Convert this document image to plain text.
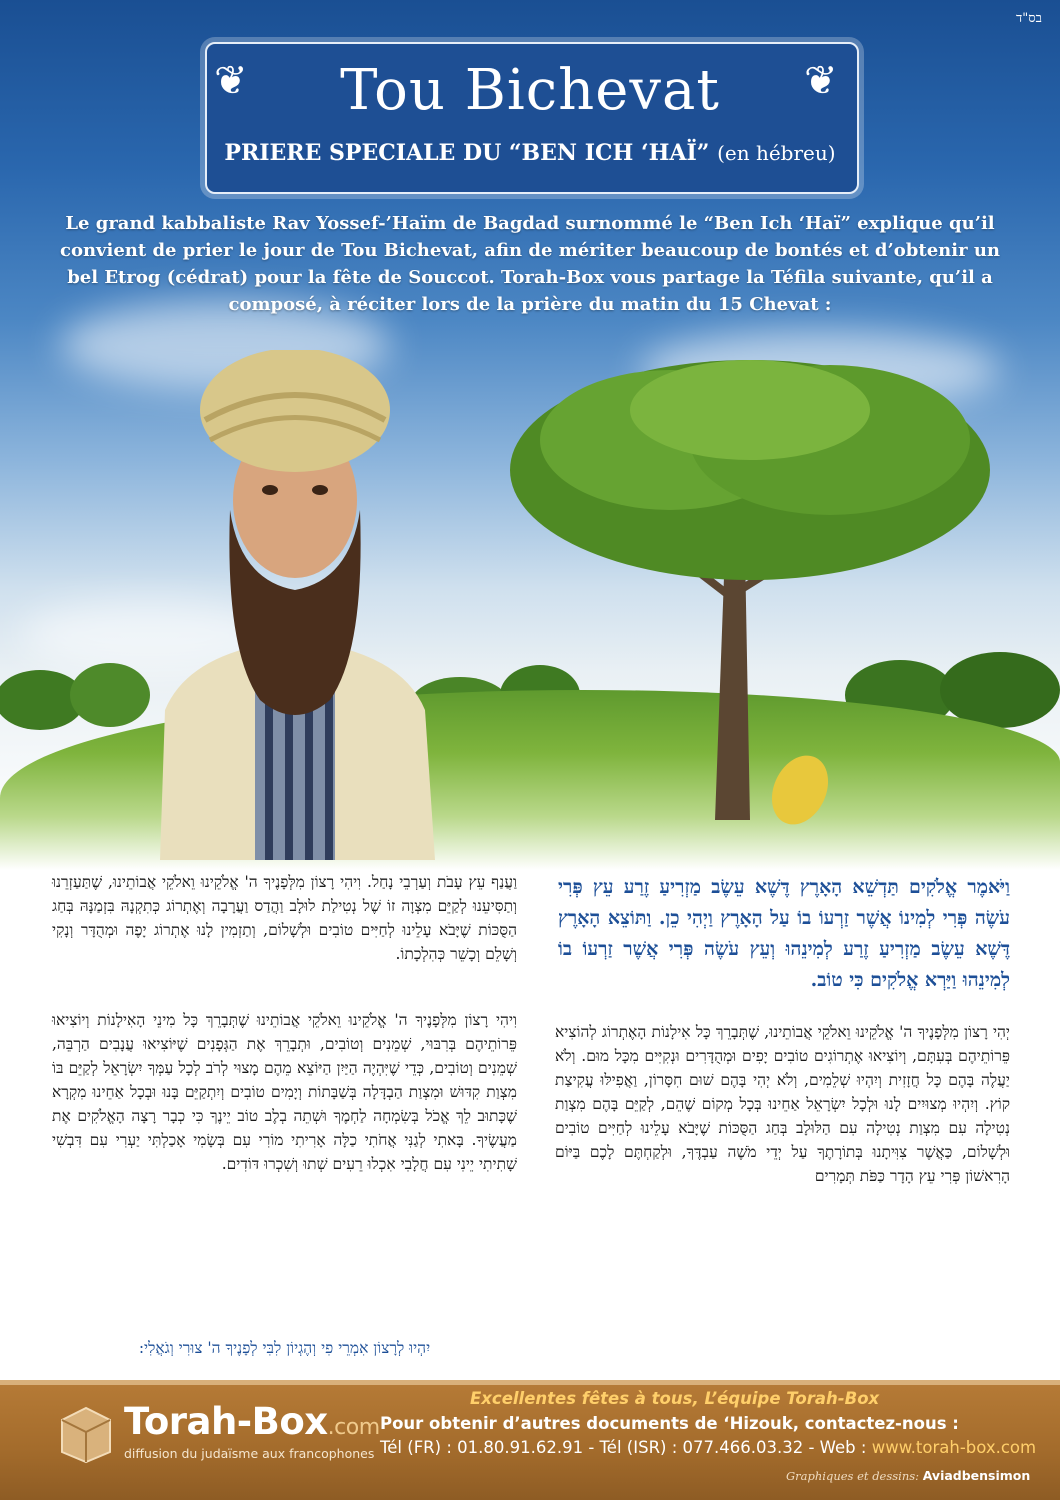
בס"ד
❦	❦
Tou Bichevat
PRIERE SPECIALE DU “BEN ICH ‘HAÏ” (en hébreu)
Le grand kabbaliste Rav Yossef-’Haïm de Bagdad surnommé le “Ben Ich ‘Haï” explique qu’il convient de prier le jour de Tou Bichevat, afin de mériter beaucoup de bontés et d’obtenir un bel Etrog (cédrat) pour la fête de Souccot. Torah-Box vous partage la Téfila suivante, qu’il a composé, à réciter lors de la prière du matin du 15 Chevat :
וַיֹּאמֶר אֱלֹקִים תַּדְשֵׁא הָאָרֶץ דֶּשֶׁא עֵשֶׂב מַזְרִיעַ זֶרַע עֵץ פְּרִי עֹשֶׂה פְּרִי לְמִינוֹ אֲשֶׁר זַרְעוֹ בוֹ עַל הָאָרֶץ וַיְהִי כֵן. וַתּוֹצֵא הָאָרֶץ דֶּשֶׁא עֵשֶׂב מַזְרִיעַ זֶרַע לְמִינֵהוּ וְעֵץ עֹשֶׂה פְּרִי אֲשֶׁר זַרְעוֹ בוֹ לְמִינֵהוּ וַיַּרְא אֱלֹקִים כִּי טוֹב.
יְהִי רָצוֹן מִלְּפָנֶיךָ ה' אֱלֹקֵינוּ וֵאלֹקֵי אֲבוֹתֵינוּ, שֶׁתְּבָרֵךְ כָּל אִילָנוֹת הָאֶתְרוֹג לְהוֹצִיא פֵּרוֹתֵיהֶם בְּעִתָּם, וְיוֹצִיאוּ אֶתְרוֹגִים טוֹבִים יָפִים וּמְהֻדָּרִים וּנְקִיִּים מִכָּל מוּם. וְלֹא יַעֲלֶה בָּהֶם כָּל חֲזָזִית וְיִהְיוּ שְׁלֵמִים, וְלֹא יְהִי בָּהֶם שׁוּם חִסָּרוֹן, וַאֲפִילּוּ עֲקִיצַת קוֹץ. וְיִהְיוּ מְצוּיִים לָנוּ וּלְכָל יִשְׂרָאֵל אַחֵינוּ בְּכָל מְקוֹם שֶׁהֵם, לְקַיֵּם בָּהֶם מִצְוַת נְטִילָה עִם מִצְוַת נְטִילָה עִם הַלּוּלָב בְּחַג הַסֻּכּוֹת שֶׁיָּבֹא עָלֵינוּ לְחַיִּים טוֹבִים וּלְשָׁלוֹם, כַּאֲשֶׁר צִוִּיתָנוּ בְּתוֹרָתֶךָ עַל יְדֵי מֹשֶׁה עַבְדֶּךָ, וּלְקַחְתֶּם לָכֶם בַּיּוֹם הָרִאשׁוֹן פְּרִי עֵץ הָדָר כַּפֹּת תְּמָרִים
וַעֲנַף עֵץ עָבֹת וְעַרְבֵי נָחַל. וִיהִי רָצוֹן מִלְּפָנֶיךָ ה' אֱלֹקֵינוּ וֵאלֹקֵי אֲבוֹתֵינוּ, שֶׁתַּעַזְרֵנוּ וְתַסִּיעֵנוּ לְקַיֵּם מִצְוָה זוֹ שֶׁל נְטִילַת לוּלָב וַהֲדַס וַעֲרָבָה וְאֶתְרוֹג כְּתִקְנָהּ בִּזְמַנָּהּ בְּחַג הַסֻּכּוֹת שֶׁיָּבֹא עָלֵינוּ לְחַיִּים טוֹבִים וּלְשָׁלוֹם, וְתַזְמִין לָנוּ אֶתְרוֹג יָפֶה וּמְהֻדָּר וְנָקִי וְשָׁלֵם וְכָשֵׁר כְּהִלְכָתוֹ.
וִיהִי רָצוֹן מִלְּפָנֶיךָ ה' אֱלֹקֵינוּ וֵאלֹקֵי אֲבוֹתֵינוּ שֶׁתְּבָרֵךְ כָּל מִינֵי הָאִילָנוֹת וְיוֹצִיאוּ פֵּרוֹתֵיהֶם בְּרִבּוּי, שְׁמֵנִים וְטוֹבִים, וּתְבָרֵךְ אֶת הַגְּפָנִים שֶׁיּוֹצִיאוּ עֲנָבִים הַרְבֵּה, שְׁמֵנִים וְטוֹבִים, כְּדֵי שֶׁיִּהְיֶה הַיַּיִן הַיּוֹצֵא מֵהֶם מָצוּי לְרֹב לְכָל עַמְּךָ יִשְׂרָאֵל לְקַיֵּם בּוֹ מִצְוַת קִדּוּשׁ וּמִצְוַת הַבְדָּלָה בְּשַׁבָּתוֹת וְיָמִים טוֹבִים וְיִתְקַיֵּם בָּנוּ וּבְכָל אַחֵינוּ מִקְרָא שֶׁכָּתוּב לֵךְ אֱכֹל בְּשִׂמְחָה לַחְמֶךָ וּשְׁתֵה בְלֶב טוֹב יֵינֶךָ כִּי כְבָר רָצָה הָאֱלֹקִים אֶת מַעֲשֶׂיךָ. בָּאתִי לְגַנִּי אֲחֹתִי כַלָּה אָרִיתִי מוֹרִי עִם בְּשָׂמִי אָכַלְתִּי יַעְרִי עִם דִּבְשִׁי שָׁתִיתִי יֵינִי עִם חֲלָבִי אִכְלוּ רֵעִים שְׁתוּ וְשִׁכְרוּ דּוֹדִים.
יִהְיוּ לְרָצוֹן אִמְרֵי פִי וְהֶגְיוֹן לִבִּי לְפָנֶיךָ ה' צוּרִי וְגֹאֲלִי:
Torah-Box.com
diffusion du judaïsme aux francophones
Excellentes fêtes à tous, L’équipe Torah-Box
Pour obtenir d’autres documents de ‘Hizouk, contactez-nous :
Tél (FR) : 01.80.91.62.91 - Tél (ISR) : 077.466.03.32 - Web : www.torah-box.com
Graphiques et dessins: Aviadbensimon
